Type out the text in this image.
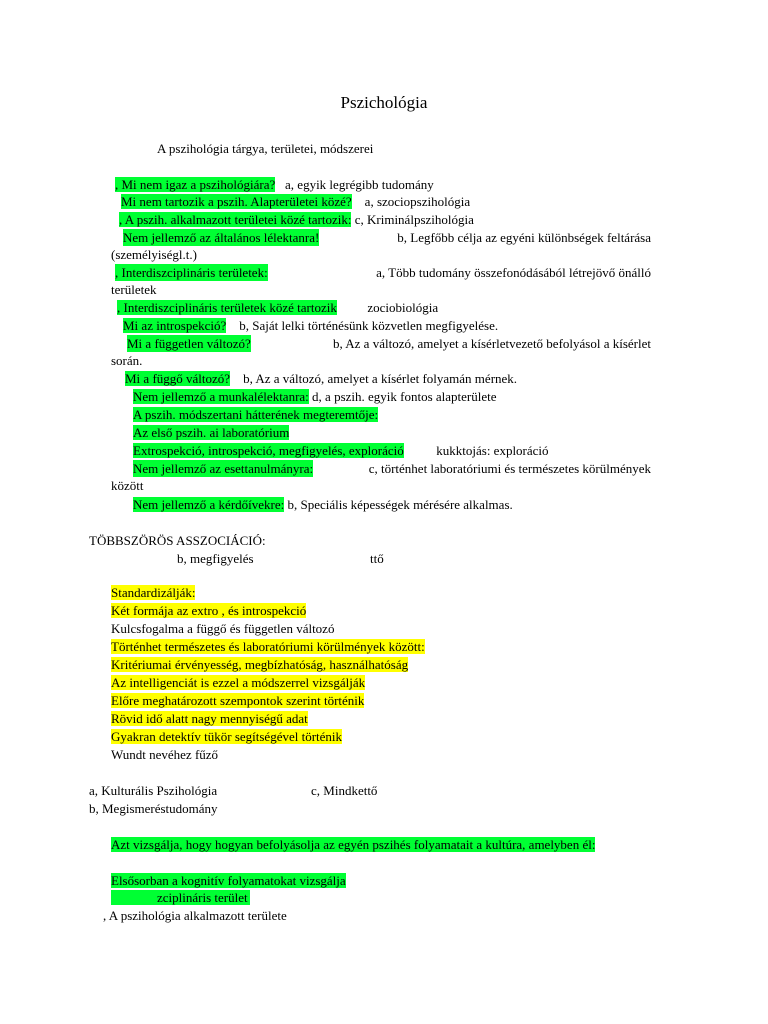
Pszichológia
A pszihológia tárgya, területei, módszerei
, Mi nem igaz a pszihológiára? a, egyik legrégibb tudomány
Mi nem tartozik a pszih. Alapterületei közé? a, szociopszihológia
, A pszih. alkalmazott területei közé tartozik: c, Kriminálpszihológia
Nem jellemző az általános lélektanra!	b, Legfőbb célja az egyéni különbségek feltárása
(személyiségl.t.)
, Interdiszciplináris területek:	a, Több tudomány összefonódásából létrejövő önálló
területek
, Interdiszciplináris területek közé tartozik zociobiológia
Mi az introspekció? b, Saját lelki történésünk közvetlen megfigyelése.
Mi a független változó?	b, Az a változó, amelyet a kísérletvezető befolyásol a kísérlet
során.
Mi a függő változó? b, Az a változó, amelyet a kísérlet folyamán mérnek.
Nem jellemző a munkalélektanra: d, a pszih. egyik fontos alapterülete
A pszih. módszertani hátterének megteremtője:
Az első pszih. ai laboratórium
Extrospekció, introspekció, megfigyelés, exploráció	kukktojás: exploráció
Nem jellemző az esettanulmányra:	c, történhet laboratóriumi és természetes körülmények
között
Nem jellemző a kérdőívekre: b, Speciális képességek mérésére alkalmas.
TÖBBSZÖRÖS ASSZOCIÁCIÓ:
b, megfigyelés	ttő
Standardizálják:
Két formája az extro , és introspekció
Kulcsfogalma a függő és független változó
Történhet természetes és laboratóriumi körülmények között:
Kritériumai érvényesség, megbízhatóság, használhatóság
Az intelligenciát is ezzel a módszerrel vizsgálják
Előre meghatározott szempontok szerint történik
Rövid idő alatt nagy mennyiségű adat
Gyakran detektív tükör segítségével történik
Wundt nevéhez fűző
a, Kulturális Pszihológia	c, Mindkettő
b, Megismeréstudomány
Azt vizsgálja, hogy hogyan befolyásolja az egyén pszihés folyamatait a kultúra, amelyben él:
Elsősorban a kognitív folyamatokat vizsgálja
zciplináris terület
, A pszihológia alkalmazott területe
